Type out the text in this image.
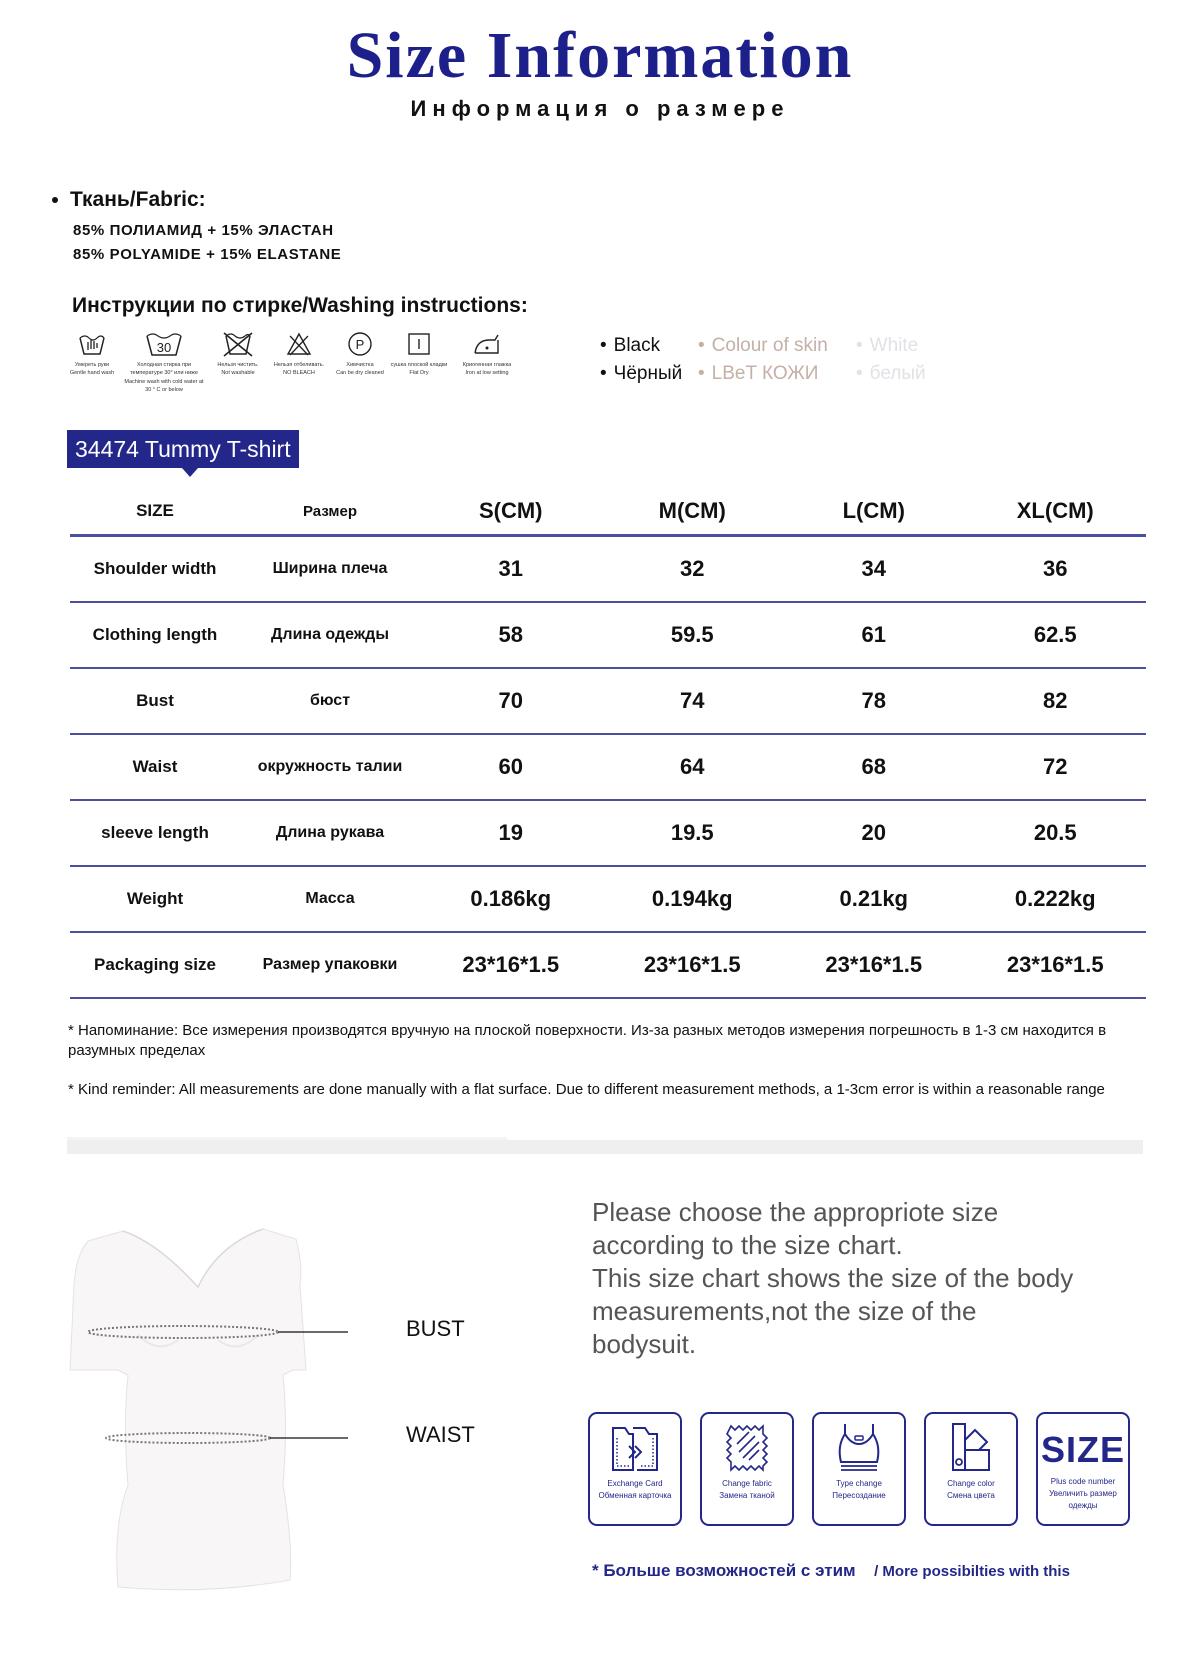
Size Information
Информация о размере
Ткань/Fabric:
85% ПОЛИАМИД + 15% ЭЛАСТАН
85% POLYAMIDE + 15% ELASTANE
Инструкции по стирке/Washing instructions:
Умереть руки
Gentle hand wash
30
Холодная стирка при температуре 30° или ниже
Machine wash with cold water at 30 ° C or below
Нельзя чистить.
Not washable
Нельзя отбеливать.
NO BLEACH
P
Химчистка
Can be dry cleaned
сушка плоской кладки
Flat Dry
Криогенная глажка
Iron at low setting
• Black	• Colour of skin	• White
• Чёрный	• LBeT КОЖИ	• белый
34474 Tummy T-shirt
SIZE	Размер	S(CM)	M(CM)	L(CM)	XL(CM)
Shoulder width	Ширина плеча	31	32	34	36
Clothing length	Длина одежды	58	59.5	61	62.5
Bust	бюст	70	74	78	82
Waist	окружность талии	60	64	68	72
sleeve length	Длина рукава	19	19.5	20	20.5
Weight	Масса	0.186kg	0.194kg	0.21kg	0.222kg
Packaging size	Размер упаковки	23*16*1.5	23*16*1.5	23*16*1.5	23*16*1.5
* Напоминание: Все измерения производятся вручную на плоской поверхности. Из-за разных методов измерения погрешность в 1-3 см находится в разумных пределах
* Kind reminder: All measurements are done manually with a flat surface. Due to different measurement methods, a 1-3cm error is within a reasonable range
BUST
WAIST
Please choose the appropriote size
according to the size chart.
This size chart shows the size of the body
measurements,not the size of the
bodysuit.
Exchange Card
Обменная карточка
Change fabric
Замена тканой
Type change
Пересоздание
Change color
Смена цвета
SIZE
Plus code number
Увеличить размер одежды
* Больше возможностей с этим / More possibilties with this
